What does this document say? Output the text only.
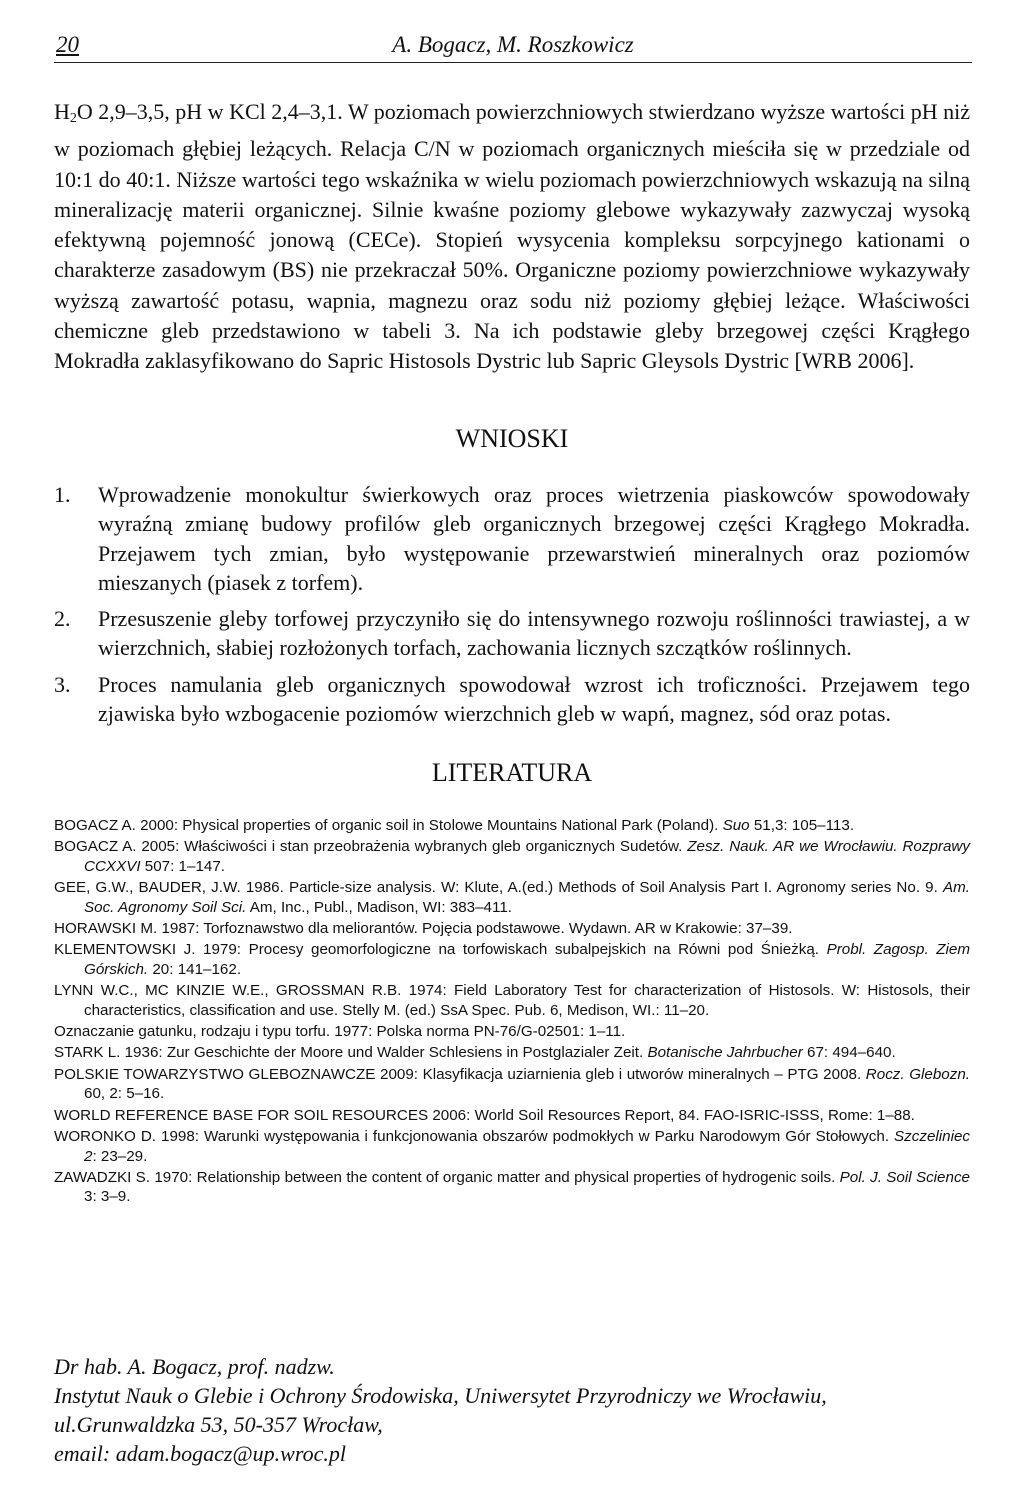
20	A. Bogacz, M. Roszkowicz

$H_2O$ 2,9–3,5, pH w KCl 2,4–3,1. W poziomach powierzchniowych stwierdzano wyższe wartości pH niż w poziomach głębiej leżących. Relacja C/N w poziomach organicznych mieściła się w przedziale od 10:1 do 40:1. Niższe wartości tego wskaźnika w wielu poziomach powierzchniowych wskazują na silną mineralizację materii organicznej. Silnie kwaśne poziomy glebowe wykazywały zazwyczaj wysoką efektywną pojemność jonową (CECe). Stopień wysycenia kompleksu sorpcyjnego kationami o charakterze zasadowym (BS) nie przekraczał 50%. Organiczne poziomy powierzchniowe wykazywały wyższą zawartość potasu, wapnia, magnezu oraz sodu niż poziomy głębiej leżące. Właściwości chemiczne gleb przedstawiono w tabeli 3. Na ich podstawie gleby brzegowej części Krągłego Mokradła zaklasyfikowano do Sapric Histosols Dystric lub Sapric Gleysols Dystric [WRB 2006].

WNIOSKI
1. Wprowadzenie monokultur świerkowych oraz proces wietrzenia piaskowców spowodowały wyraźną zmianę budowy profilów gleb organicznych brzegowej części Krągłego Mokradła. Przejawem tych zmian, było występowanie przewarstwień mineralnych oraz poziomów mieszanych (piasek z torfem).
2. Przesuszenie gleby torfowej przyczyniło się do intensywnego rozwoju roślinności trawiastej, a w wierzchnich, słabiej rozłożonych torfach, zachowania licznych szczątków roślinnych.
3. Proces namulania gleb organicznych spowodował wzrost ich troficzności. Przejawem tego zjawiska było wzbogacenie poziomów wierzchnich gleb w wapń, magnez, sód oraz potas.
LITERATURA
BOGACZ A. 2000: Physical properties of organic soil in Stolowe Mountains National Park (Poland). Suo 51,3: 105–113.
BOGACZ A. 2005: Właściwości i stan przeobrażenia wybranych gleb organicznych Sudetów. Zesz. Nauk. AR we Wrocławiu. Rozprawy CCXXVI 507: 1–147.
GEE, G.W., BAUDER, J.W. 1986. Particle-size analysis. W: Klute, A.(ed.) Methods of Soil Analysis Part I. Agronomy series No. 9. Am. Soc. Agronomy Soil Sci. Am, Inc., Publ., Madison, WI: 383–411.
HORAWSKI M. 1987: Torfoznawstwo dla meliorantów. Pojęcia podstawowe. Wydawn. AR w Krakowie: 37–39.
KLEMENTOWSKI J. 1979: Procesy geomorfologiczne na torfowiskach subalpejskich na Równi pod Śnieżką. Probl. Zagosp. Ziem Górskich. 20: 141–162.
LYNN W.C., MC KINZIE W.E., GROSSMAN R.B. 1974: Field Laboratory Test for characterization of Histosols. W: Histosols, their characteristics, classification and use. Stelly M. (ed.) SsA Spec. Pub. 6, Medison, WI.: 11–20.
Oznaczanie gatunku, rodzaju i typu torfu. 1977: Polska norma PN-76/G-02501: 1–11.
STARK L. 1936: Zur Geschichte der Moore und Walder Schlesiens in Postglazialer Zeit. Botanische Jahrbucher 67: 494–640.
POLSKIE TOWARZYSTWO GLEBOZNAWCZE 2009: Klasyfikacja uziarnienia gleb i utworów mineralnych – PTG 2008. Rocz. Glebozn. 60, 2: 5–16.
WORLD REFERENCE BASE FOR SOIL RESOURCES 2006: World Soil Resources Report, 84. FAO-ISRIC-ISSS, Rome: 1–88.
WORONKO D. 1998: Warunki występowania i funkcjonowania obszarów podmokłych w Parku Narodowym Gór Stołowych. Szczeliniec 2: 23–29.
ZAWADZKI S. 1970: Relationship between the content of organic matter and physical properties of hydrogenic soils. Pol. J. Soil Science 3: 3–9.
Dr hab. A. Bogacz, prof. nadzw.
Instytut Nauk o Glebie i Ochrony Środowiska, Uniwersytet Przyrodniczy we Wrocławiu,
ul.Grunwaldzka 53, 50-357 Wrocław,
email: adam.bogacz@up.wroc.pl
